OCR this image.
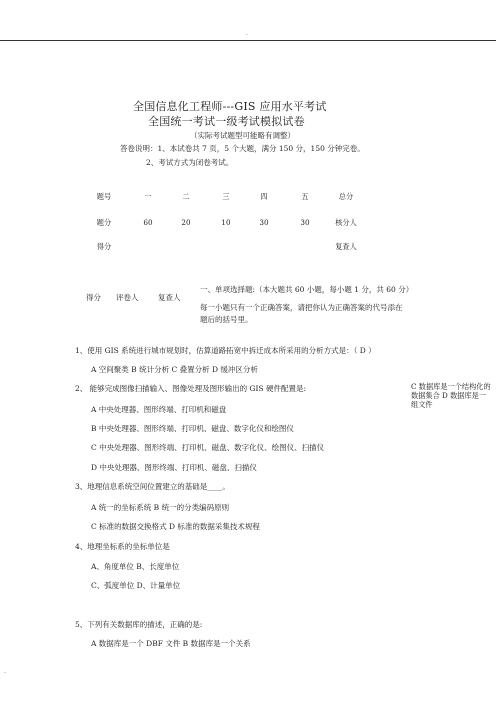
.
全国信息化工程师---GIS 应用水平考试
全国统一考试一级考试模拟试卷
（实际考试题型可能略有调整）
答卷说明：1、本试卷共 7 页，5 个大题，满分 150 分，150 分钟完卷。
2、考试方式为闭卷考试。
题号	一	二	三	四	五	总分
题分	60	20	10	30	30	核分人
得分	复查人
得分 评卷人	复查人
一、单项选择题:（本大题共 60 小题，每小题 1 分，共 60 分）
每一小题只有一个正确答案，请把你认为正确答案的代号添在
题后的括号里。
1、使用 GIS 系统进行城市规划时，估算道路拓宽中拆迁成本所采用的分析方式是：（ D ）
A 空间聚类 B 统计分析 C 叠置分析 D 缓冲区分析
2、 能够完成图像扫描输入、图像处理及图形输出的 GIS 硬件配置是:
A 中央处理器、图形终端、打印机和磁盘
B 中央处理器、图形终端、打印机、磁盘、数字化仪和绘图仪
C 中央处理器、图形终端、打印机、磁盘、数字化仪、绘图仪、扫描仪
D 中央处理器、图形终端、打印机、磁盘、扫描仪
3、地理信息系统空间位置建立的基础是____。
A 统一的坐标系统 B 统一的分类编码原则
C 标准的数据交换格式 D 标准的数据采集技术规程
4、地理坐标系的坐标单位是
A、角度单位 B、长度单位
C、弧度单位 D、计量单位
5、下列有关数据库的描述，正确的是:
A 数据库是一个 DBF 文件 B 数据库是一个关系
C 数据库是一个结构化的数据集合 D 数据库是一组文件
.
